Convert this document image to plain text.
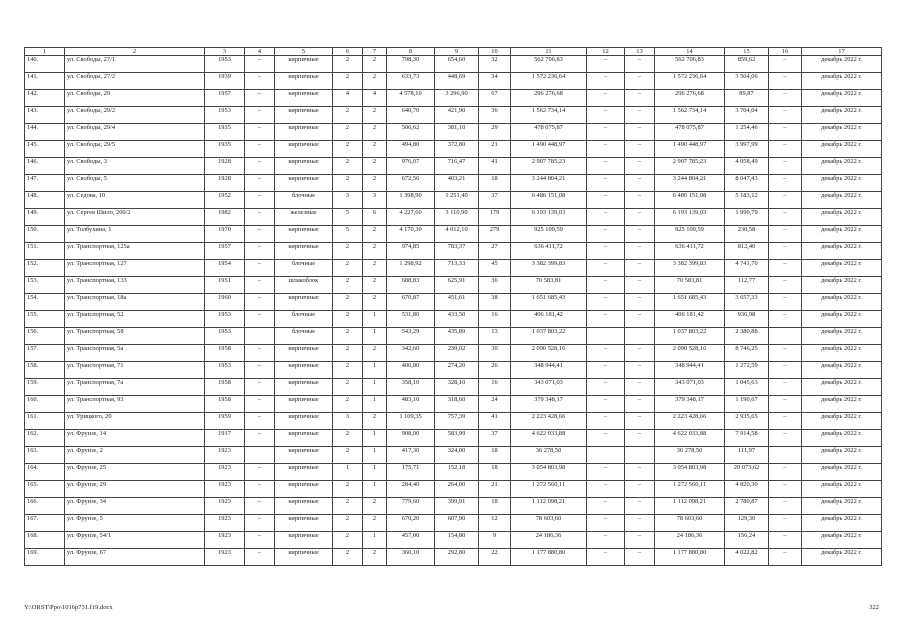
1	2	3	4	5	6	7	8	9	10	11	12	13	14	15	16	17
140.	ул. Свободы, 27/1	1953	–	кирпичные	2	2	798,30	654,60	32	562 706,83	–	–	562 706,83	859,62	–	декабрь 2022 г.
141.	ул. Свободы, 27/2	1939	–	кирпичные	2	2	633,73	448,69	34	1 572 236,64	–	–	1 572 236,64	3 504,06	–	декабрь 2022 г.
142.	ул. Свободы, 29	1957	–	кирпичные	4	4	4 578,10	3 296,90	67	296 276,68	–	–	296 276,68	89,87	–	декабрь 2022 г.
143.	ул. Свободы, 29/2	1953	–	кирпичные	2	2	640,70	421,90	36	1 562 734,14	–	–	1 562 734,14	3 704,04	–	декабрь 2022 г.
144.	ул. Свободы, 29/4	1935	–	кирпичные	2	2	506,62	381,10	29	478 075,87	–	–	478 075,87	1 254,46	–	декабрь 2022 г.
145.	ул. Свободы, 29/5	1935	–	кирпичные	2	2	494,80	372,80	21	1 490 448,97	–	–	1 490 448,97	3 997,99	–	декабрь 2022 г.
146.	ул. Свободы, 3	1928	–	кирпичные	2	2	976,07	716,47	41	2 907 785,23	–	–	2 907 785,23	4 058,49	–	декабрь 2022 г.
147.	ул. Свободы, 5	1928	–	кирпичные	2	2	672,56	403,21	18	3 244 804,21	–	–	3 244 804,21	8 047,43	–	декабрь 2022 г.
148.	ул. Седова, 10	1952	–	блочные	3	3	1 398,90	1 251,40	37	6 486 151,08	–	–	6 486 151,08	5 183,12	–	декабрь 2022 г.
149.	ул. Сергея Шило, 200/2	1982	–	железные	5	6	4 227,60	3 110,90	179	6 193 139,03	–	–	6 193 139,03	1 990,79	–	декабрь 2022 г.
150.	ул. Толбухина, 1	1970	–	кирпичные	5	2	4 170,30	4 012,10	279	925 109,59	–	–	925 109,59	230,58	–	декабрь 2022 г.
151.	ул. Транспортная, 125а	1957	–	кирпичные	2	2	974,85	783,37	27	636 411,72	–	–	636 411,72	812,40	–	декабрь 2022 г.
152.	ул. Транспортная, 127	1954	–	блочные	2	2	1 298,92	713,33	45	3 382 399,83	–	–	3 382 399,83	4 741,70	–	декабрь 2022 г.
153.	ул. Транспортная, 133	1951	–	шлакоблок	2	2	688,83	625,91	36	70 583,81	–	–	70 583,81	112,77	–	декабрь 2022 г.
154.	ул. Транспортная, 18а	1960	–	кирпичные	2	2	670,87	451,61	38	1 651 685,43	–	–	1 651 685,43	3 657,33	–	декабрь 2022 г.
155.	ул. Транспортная, 52	1953	–	блочные	2	1	531,80	433,50	16	406 181,42	–	–	406 181,42	936,98	–	декабрь 2022 г.
156.	ул. Транспортная, 58	1953		блочные	2	1	543,29	435,89	13	1 037 803,22			1 037 803,22	2 380,88		декабрь 2022 г.
157.	ул. Транспортная, 5а	1958	–	кирпичные	2	2	342,60	239,02	30	2 090 528,16	–	–	2 090 528,16	8 746,25	–	декабрь 2022 г.
158.	ул. Транспортная, 71	1953	–	кирпичные	2	1	400,80	274,20	26	348 944,41	–	–	348 944,41	1 272,59	–	декабрь 2022 г.
159.	ул. Транспортная, 7а	1958	–	кирпичные	2	1	358,10	328,10	16	343 071,03	–	–	343 071,03	1 045,63	–	декабрь 2022 г.
160.	ул. Транспортная, 93	1958	–	кирпичные	2	1	483,10	318,60	24	379 348,17	–	–	379 348,17	1 190,67	–	декабрь 2022 г.
161.	ул. Урицкого, 20	1959	–	кирпичные	3	2	1 109,35	757,39	41	2 223 428,66	–	–	2 223 428,66	2 935,65	–	декабрь 2022 г.
162.	ул. Фрунзе, 14	1917	–	кирпичные	2	1	908,00	583,99	37	4 622 033,88	–	–	4 622 033,88	7 914,58	–	декабрь 2022 г.
163.	ул. Фрунзе, 2	1923		кирпичные	2	1	417,30	324,00	18	36 278,50			36 278,50	111,97		декабрь 2022 г.
164.	ул. Фрунзе, 25	1923	–	кирпичные	1	1	175,71	152,18	18	3 054 803,98	–	–	3 054 803,98	20 073,62	–	декабрь 2022 г.
165.	ул. Фрунзе, 29	1923	–	кирпичные	2	1	284,40	264,00	21	1 272 560,11	–	–	1 272 560,11	4 820,30	–	декабрь 2022 г.
166.	ул. Фрунзе, 34	1923	–	кирпичные	2	2	779,60	399,91	18	1 112 098,21	–	–	1 112 098,21	2 780,87	–	декабрь 2022 г.
167.	ул. Фрунзе, 5	1923	–	кирпичные	2	2	670,20	607,90	12	78 603,60	–	–	78 603,60	129,30	–	декабрь 2022 г.
168.	ул. Фрунзе, 54/1	1923	–	кирпичные	2	1	457,00	154,80	9	24 186,36	–	–	24 186,36	156,24	–	декабрь 2022 г.
169.	ул. Фрунзе, 67	1923	–	кирпичные	2	2	360,10	292,80	22	1 177 880,80	–	–	1 177 880,80	4 022,82	–	декабрь 2022 г.
Y:\ORST\Ppo\1016p731.f19.docx	322
